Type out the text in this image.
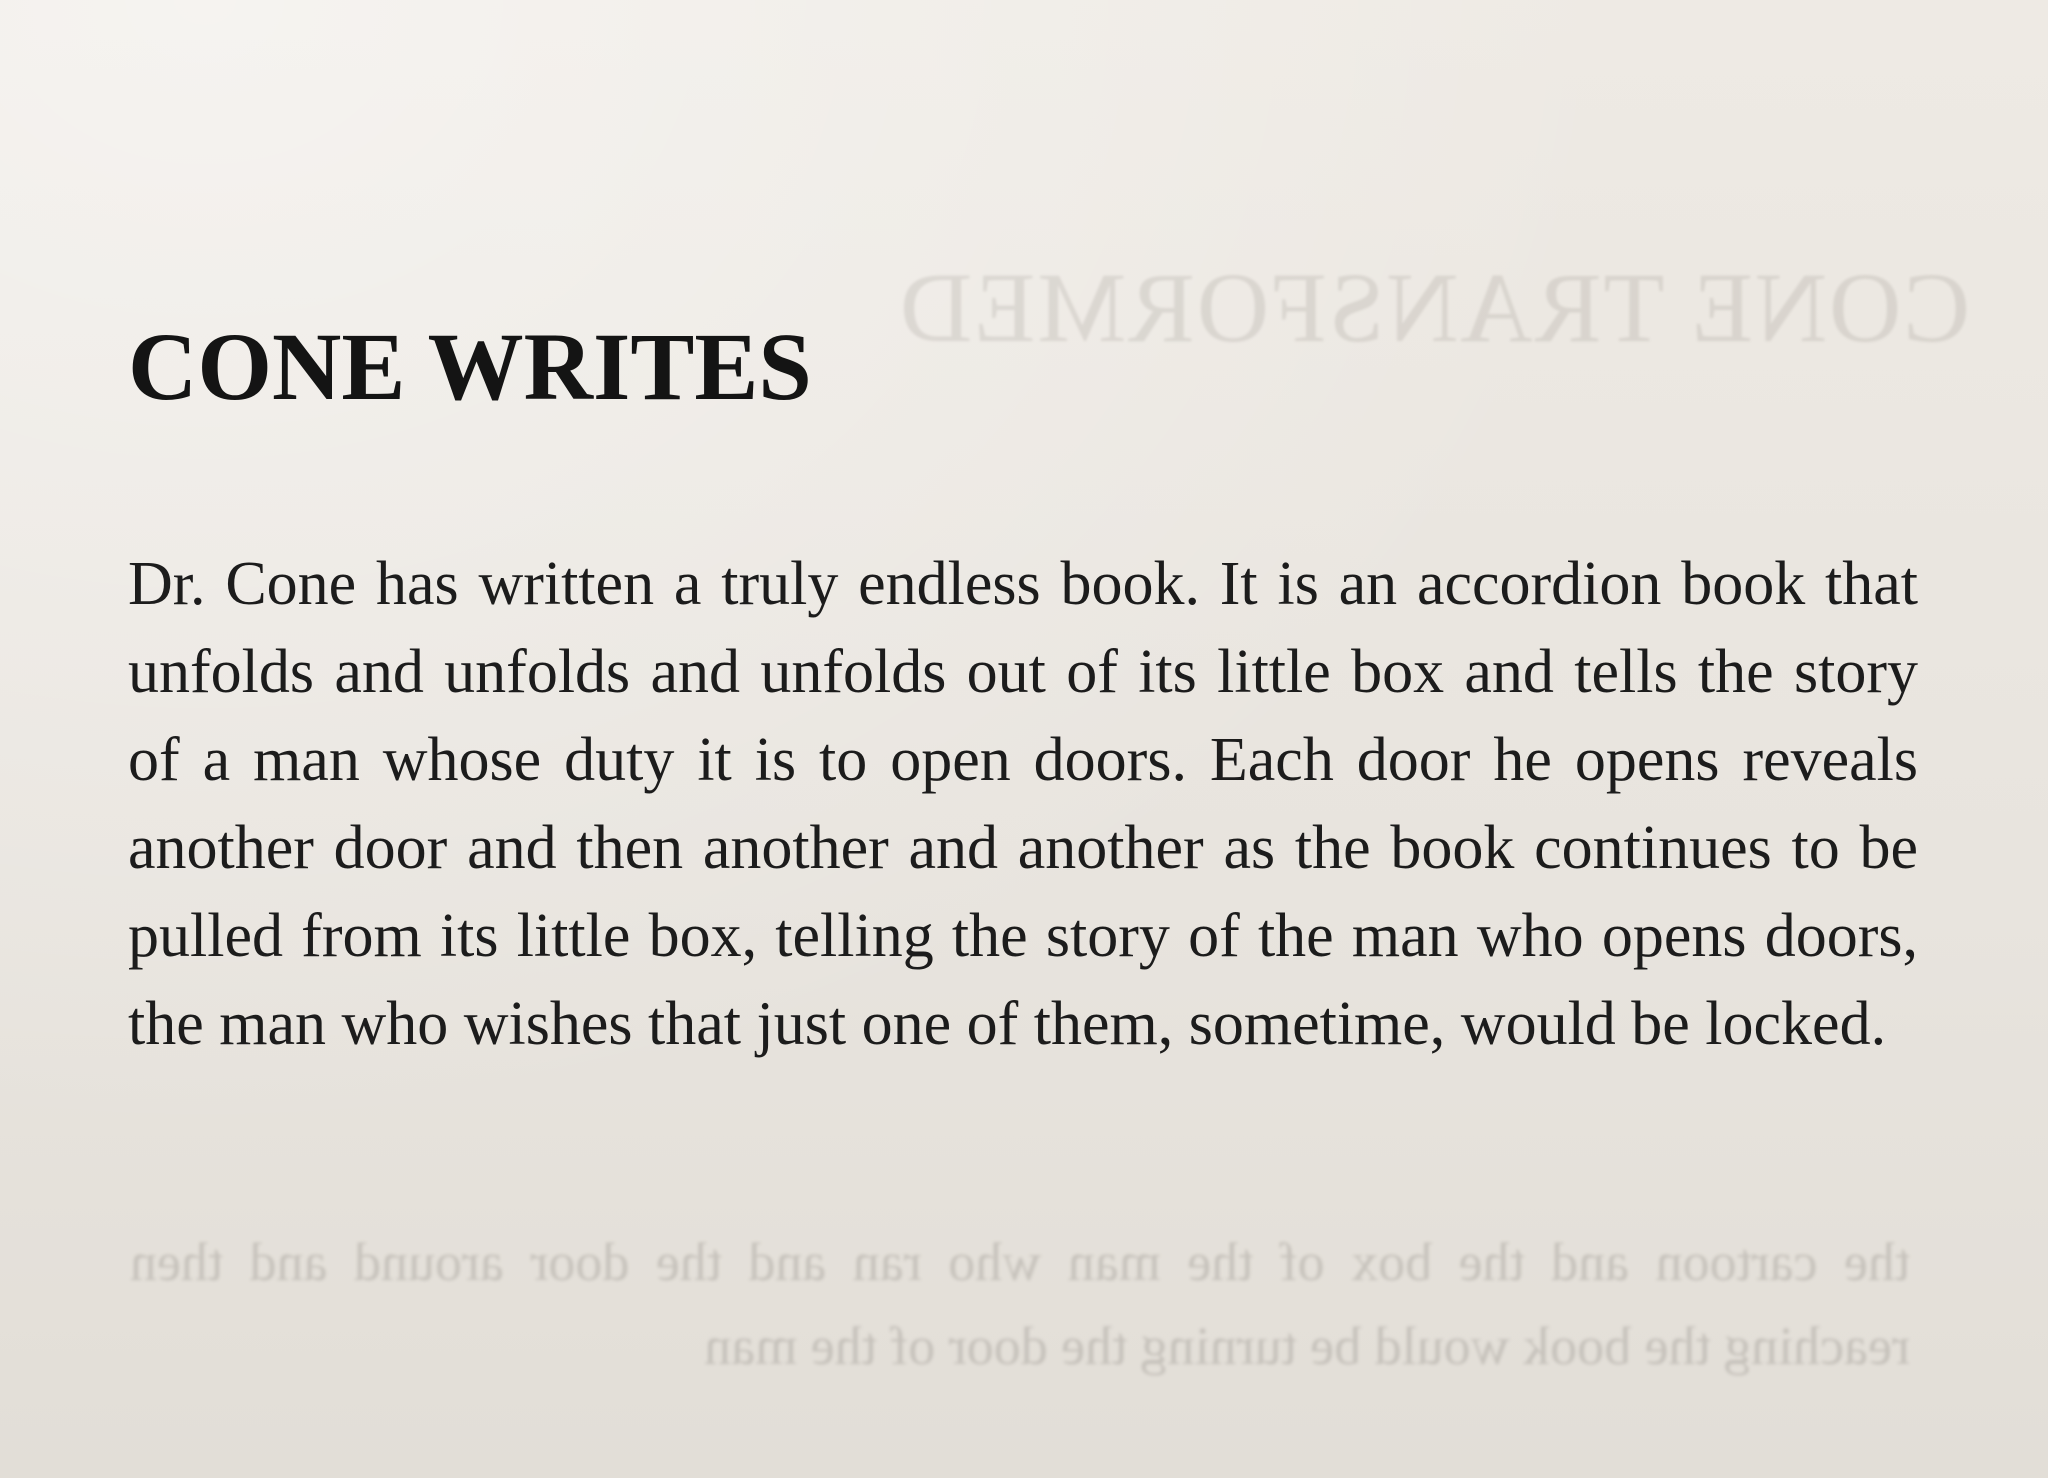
CONE TRANSFORMED
the cartoon and the box of the man who ran and the door around and then reaching the book would be turning the door of the man
CONE WRITES

Dr. Cone has written a truly endless book. It is an accordion book that unfolds and unfolds and unfolds out of its little box and tells the story of a man whose duty it is to open doors. Each door he opens reveals another door and then another and another as the book continues to be pulled from its little box, telling the story of the man who opens doors, the man who wishes that just one of them, sometime, would be locked.
